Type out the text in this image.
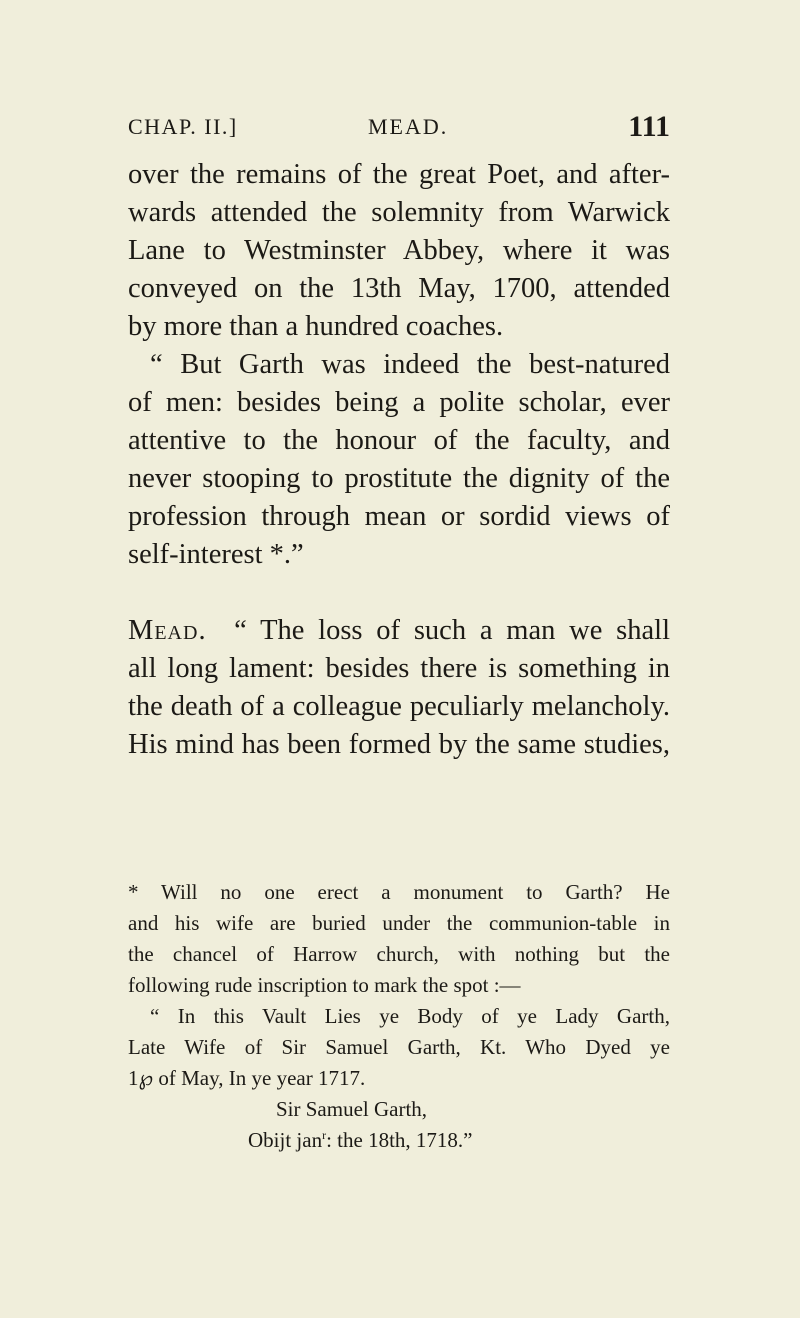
CHAP. II.]	MEAD.	111

over the remains of the great Poet, and after-
wards attended the solemnity from Warwick
Lane to Westminster Abbey, where it was
conveyed on the 13th May, 1700, attended
by more than a hundred coaches.

“ But Garth was indeed the best-natured
of men: besides being a polite scholar, ever
attentive to the honour of the faculty, and
never stooping to prostitute the dignity of the
profession through mean or sordid views of
self-interest *.”

Mead. “ The loss of such a man we shall
all long lament: besides there is something in
the death of a colleague peculiarly melancholy.
His mind has been formed by the same studies,

* Will no one erect a monument to Garth? He
and his wife are buried under the communion-table in
the chancel of Harrow church, with nothing but the
following rude inscription to mark the spot :—

“ In this Vault Lies ye Body of ye Lady Garth,
Late Wife of Sir Samuel Garth, Kt. Who Dyed ye
1℘ of May, In ye year 1717.
Sir Samuel Garth,
Obijt jan$^r$: the 18th, 1718.”
